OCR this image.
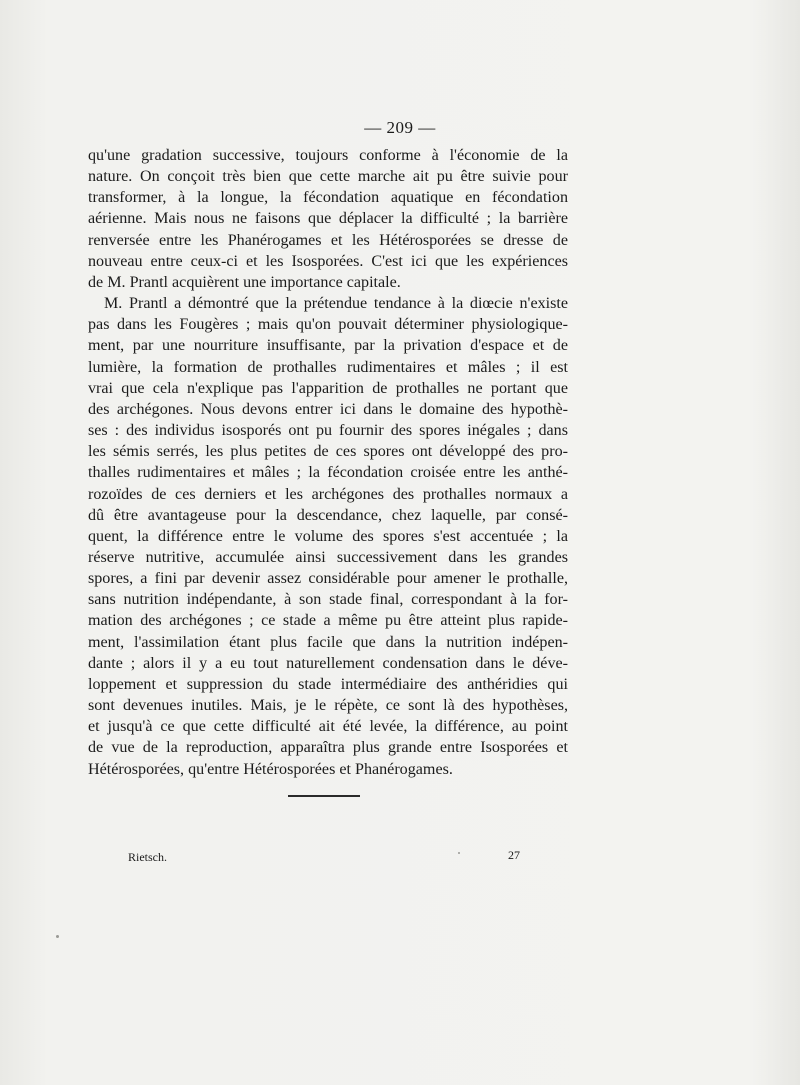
— 209 —
qu'une gradation successive, toujours conforme à l'économie de la
nature. On conçoit très bien que cette marche ait pu être suivie pour
transformer, à la longue, la fécondation aquatique en fécondation
aérienne. Mais nous ne faisons que déplacer la difficulté ; la barrière
renversée entre les Phanérogames et les Hétérosporées se dresse de
nouveau entre ceux-ci et les Isosporées. C'est ici que les expériences
de M. Prantl acquièrent une importance capitale.
M. Prantl a démontré que la prétendue tendance à la diœcie n'existe
pas dans les Fougères ; mais qu'on pouvait déterminer physiologique-
ment, par une nourriture insuffisante, par la privation d'espace et de
lumière, la formation de prothalles rudimentaires et mâles ; il est
vrai que cela n'explique pas l'apparition de prothalles ne portant que
des archégones. Nous devons entrer ici dans le domaine des hypothè-
ses : des individus isosporés ont pu fournir des spores inégales ; dans
les sémis serrés, les plus petites de ces spores ont développé des pro-
thalles rudimentaires et mâles ; la fécondation croisée entre les anthé-
rozoïdes de ces derniers et les archégones des prothalles normaux a
dû être avantageuse pour la descendance, chez laquelle, par consé-
quent, la différence entre le volume des spores s'est accentuée ; la
réserve nutritive, accumulée ainsi successivement dans les grandes
spores, a fini par devenir assez considérable pour amener le prothalle,
sans nutrition indépendante, à son stade final, correspondant à la for-
mation des archégones ; ce stade a même pu être atteint plus rapide-
ment, l'assimilation étant plus facile que dans la nutrition indépen-
dante ; alors il y a eu tout naturellement condensation dans le déve-
loppement et suppression du stade intermédiaire des anthéridies qui
sont devenues inutiles. Mais, je le répète, ce sont là des hypothèses,
et jusqu'à ce que cette difficulté ait été levée, la différence, au point
de vue de la reproduction, apparaîtra plus grande entre Isosporées et
Hétérosporées, qu'entre Hétérosporées et Phanérogames.
Rietsch.	27
